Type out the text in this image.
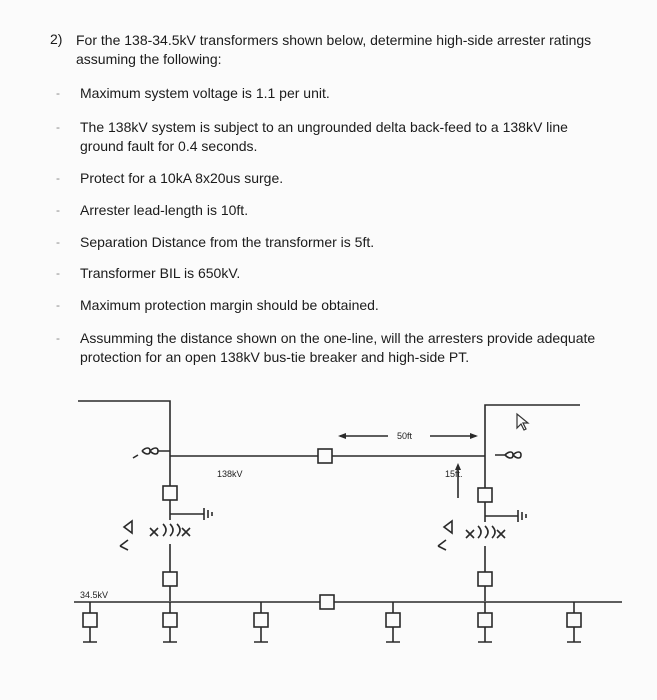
2) For the 138-34.5kV transformers shown below, determine high-side arrester ratings assuming the following:
- Maximum system voltage is 1.1 per unit.
- The 138kV system is subject to an ungrounded delta back-feed to a 138kV line ground fault for 0.4 seconds.
- Protect for a 10kA 8x20us surge.
- Arrester lead-length is 10ft.
- Separation Distance from the transformer is 5ft.
- Transformer BIL is 650kV.
- Maximum protection margin should be obtained.
- Assumming the distance shown on the one-line, will the arresters provide adequate protection for an open 138kV bus-tie breaker and high-side PT.
50ft
15ft.
138kV
34.5kV
